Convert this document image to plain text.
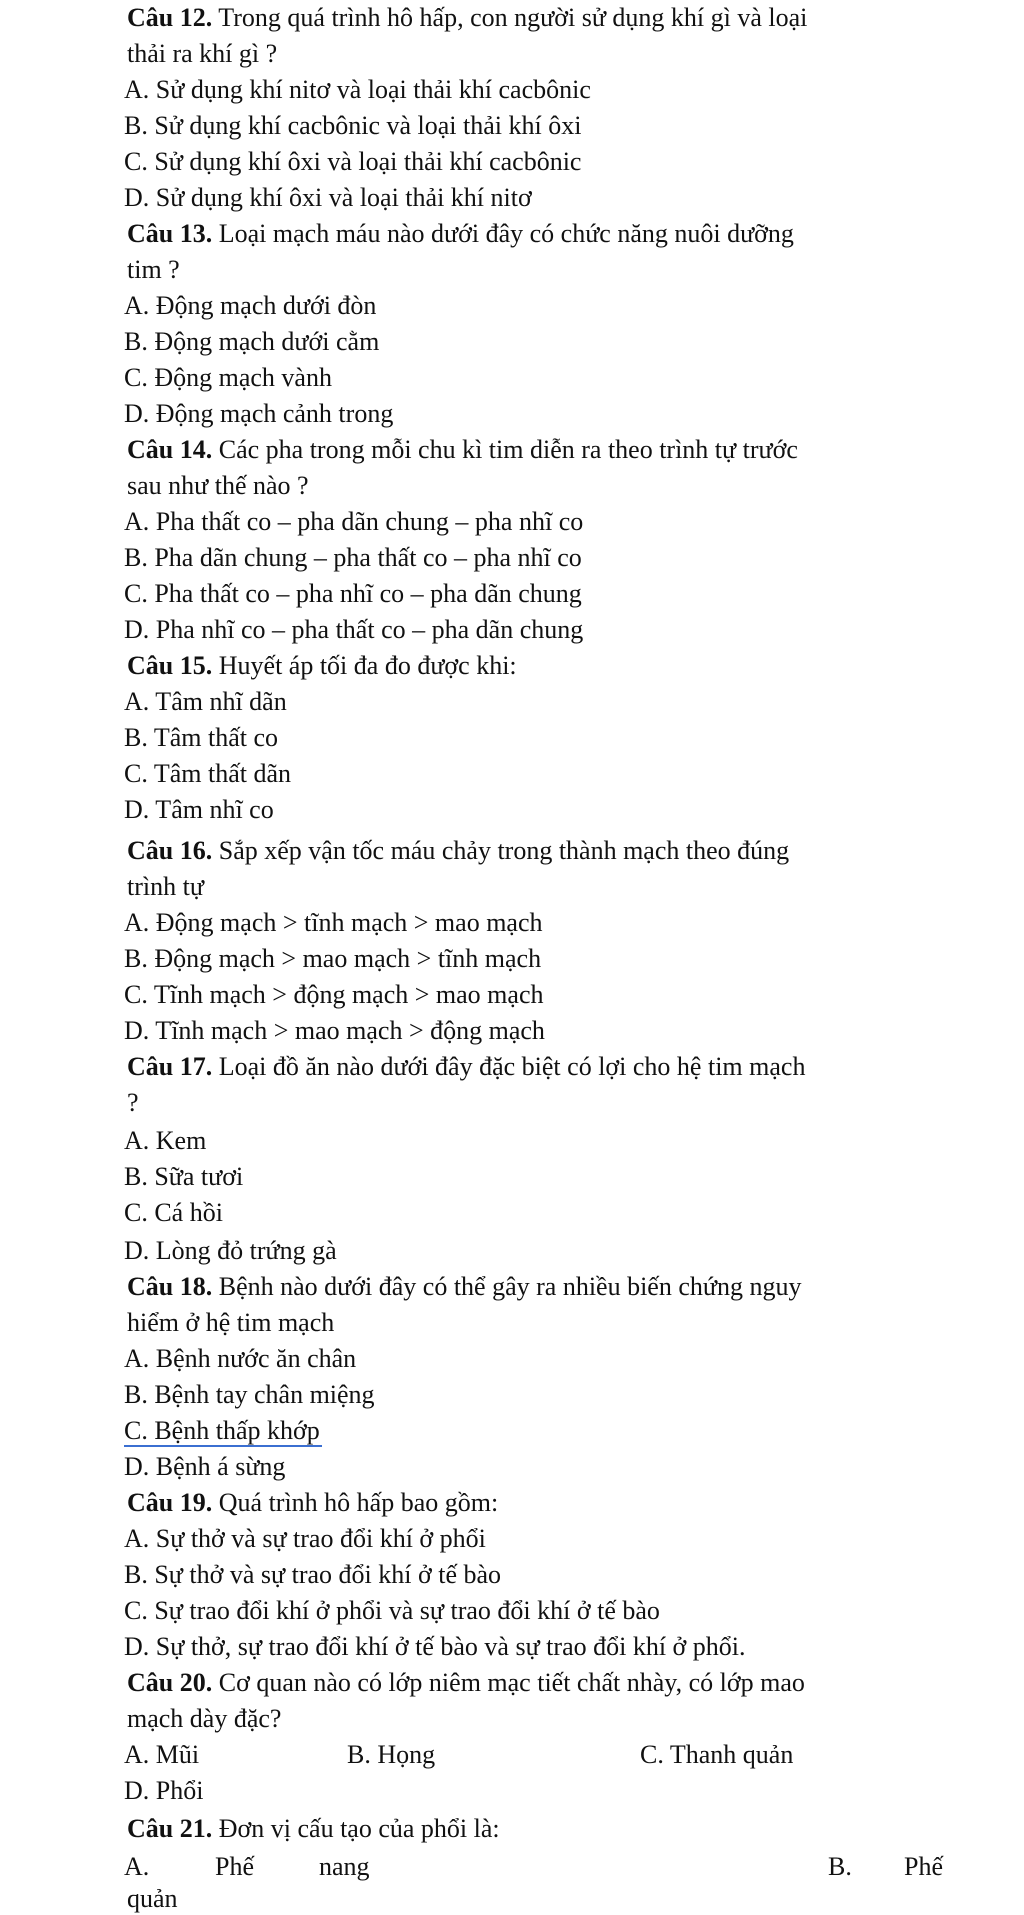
Câu 12. Trong quá trình hô hấp, con người sử dụng khí gì và loại
thải ra khí gì ?
A. Sử dụng khí nitơ và loại thải khí cacbônic
B. Sử dụng khí cacbônic và loại thải khí ôxi
C. Sử dụng khí ôxi và loại thải khí cacbônic
D. Sử dụng khí ôxi và loại thải khí nitơ
Câu 13. Loại mạch máu nào dưới đây có chức năng nuôi dưỡng
tim ?
A. Động mạch dưới đòn
B. Động mạch dưới cằm
C. Động mạch vành
D. Động mạch cảnh trong
Câu 14. Các pha trong mỗi chu kì tim diễn ra theo trình tự trước
sau như thế nào ?
A. Pha thất co – pha dãn chung – pha nhĩ co
B. Pha dãn chung – pha thất co – pha nhĩ co
C. Pha thất co – pha nhĩ co – pha dãn chung
D. Pha nhĩ co – pha thất co – pha dãn chung
Câu 15. Huyết áp tối đa đo được khi:
A. Tâm nhĩ dãn
B. Tâm thất co
C. Tâm thất dãn
D. Tâm nhĩ co
Câu 16. Sắp xếp vận tốc máu chảy trong thành mạch theo đúng
trình tự
A. Động mạch > tĩnh mạch > mao mạch
B. Động mạch > mao mạch > tĩnh mạch
C. Tĩnh mạch > động mạch > mao mạch
D. Tĩnh mạch > mao mạch > động mạch
Câu 17. Loại đồ ăn nào dưới đây đặc biệt có lợi cho hệ tim mạch
?
A. Kem
B. Sữa tươi
C. Cá hồi
D. Lòng đỏ trứng gà
Câu 18. Bệnh nào dưới đây có thể gây ra nhiều biến chứng nguy
hiểm ở hệ tim mạch
A. Bệnh nước ăn chân
B. Bệnh tay chân miệng
C. Bệnh thấp khớp
D. Bệnh á sừng
Câu 19. Quá trình hô hấp bao gồm:
A. Sự thở và sự trao đổi khí ở phổi
B. Sự thở và sự trao đổi khí ở tế bào
C. Sự trao đổi khí ở phổi và sự trao đổi khí ở tế bào
D. Sự thở, sự trao đổi khí ở tế bào và sự trao đổi khí ở phổi.
Câu 20. Cơ quan nào có lớp niêm mạc tiết chất nhày, có lớp mao
mạch dày đặc?
A. Mũi	B. Họng	C. Thanh quản
D. Phổi
Câu 21. Đơn vị cấu tạo của phổi là:
A.	Phế	nang	B. Phế
quản
